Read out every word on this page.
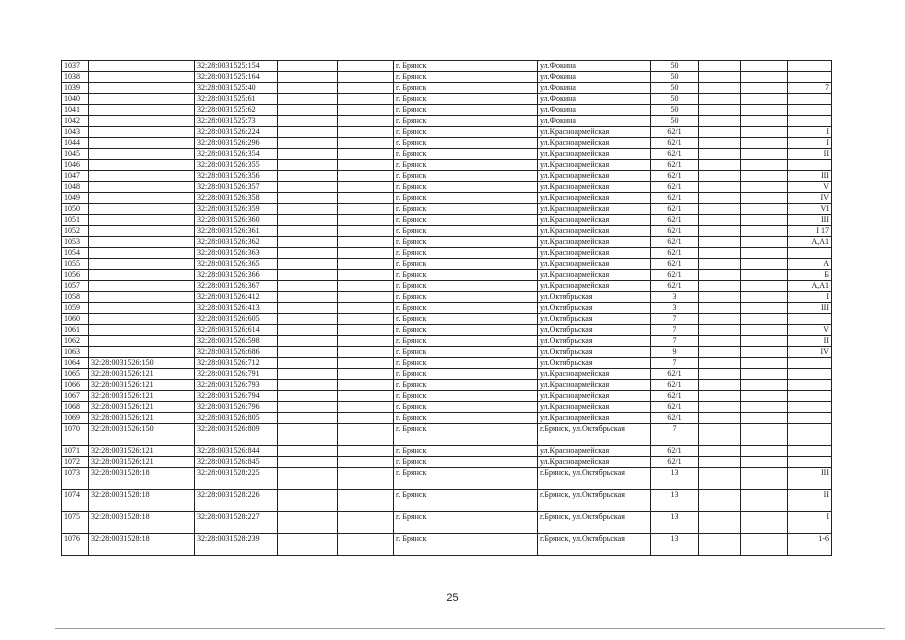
1037		32:28:0031525:154			г. Брянск	ул.Фокина	50			
1038		32:28:0031525:164			г. Брянск	ул.Фокина	50			
1039		32:28:0031525:40			г. Брянск	ул.Фокина	50			7
1040		32:28:0031525:61			г. Брянск	ул.Фокина	50			
1041		32:28:0031525:62			г. Брянск	ул.Фокина	50			
1042		32:28:0031525:73			г. Брянск	ул.Фокина	50			
1043		32:28:0031526:224			г. Брянск	ул.Красноармейская	62/1			I
1044		32:28:0031526:296			г. Брянск	ул.Красноармейская	62/1			I
1045		32:28:0031526:354			г. Брянск	ул.Красноармейская	62/1			II
1046		32:28:0031526:355			г. Брянск	ул.Красноармейская	62/1			
1047		32:28:0031526:356			г. Брянск	ул.Красноармейская	62/1			III
1048		32:28:0031526:357			г. Брянск	ул.Красноармейская	62/1			V
1049		32:28:0031526:358			г. Брянск	ул.Красноармейская	62/1			IV
1050		32:28:0031526:359			г. Брянск	ул.Красноармейская	62/1			VI
1051		32:28:0031526:360			г. Брянск	ул.Красноармейская	62/1			III
1052		32:28:0031526:361			г. Брянск	ул.Красноармейская	62/1			I 17
1053		32:28:0031526:362			г. Брянск	ул.Красноармейская	62/1			А,А1
1054		32:28:0031526:363			г. Брянск	ул.Красноармейская	62/1			
1055		32:28:0031526:365			г. Брянск	ул.Красноармейская	62/1			А
1056		32:28:0031526:366			г. Брянск	ул.Красноармейская	62/1			Б
1057		32:28:0031526:367			г. Брянск	ул.Красноармейская	62/1			А,А1
1058		32:28:0031526:412			г. Брянск	ул.Октябрьская	3			I
1059		32:28:0031526:413			г. Брянск	ул.Октябрьская	3			III
1060		32:28:0031526:605			г. Брянск	ул.Октябрьская	7			
1061		32:28:0031526:614			г. Брянск	ул.Октябрьская	7			V
1062		32:28:0031526:598			г. Брянск	ул.Октябрьская	7			II
1063		32:28:0031526:686			г. Брянск	ул.Октябрьская	9			IV
1064	32:28:0031526:150	32:28:0031526:712			г. Брянск	ул.Октябрьская	7			
1065	32:28:0031526:121	32:28:0031526:791			г. Брянск	ул.Красноармейская	62/1			
1066	32:28:0031526:121	32:28:0031526:793			г. Брянск	ул.Красноармейская	62/1			
1067	32:28:0031526:121	32:28:0031526:794			г. Брянск	ул.Красноармейская	62/1			
1068	32:28:0031526:121	32:28:0031526:796			г. Брянск	ул.Красноармейская	62/1			
1069	32:28:0031526:121	32:28:0031526:805			г. Брянск	ул.Красноармейская	62/1			
1070	32:28:0031526:150	32:28:0031526:809			г. Брянск	г.Брянск, ул.Октябрьская	7			
1071	32:28:0031526:121	32:28:0031526:844			г. Брянск	ул.Красноармейская	62/1			
1072	32:28:0031526:121	32:28:0031526:845			г. Брянск	ул.Красноармейская	62/1			
1073	32:28:0031528:18	32:28:0031528:225			г. Брянск	г.Брянск, ул.Октябрьская	13			III
1074	32:28:0031528:18	32:28:0031528:226			г. Брянск	г.Брянск, ул.Октябрьская	13			II
1075	32:28:0031528:18	32:28:0031528:227			г. Брянск	г.Брянск, ул.Октябрьская	13			I
1076	32:28:0031528:18	32:28:0031528:239			г. Брянск	г.Брянск, ул.Октябрьская	13			1-6
25
